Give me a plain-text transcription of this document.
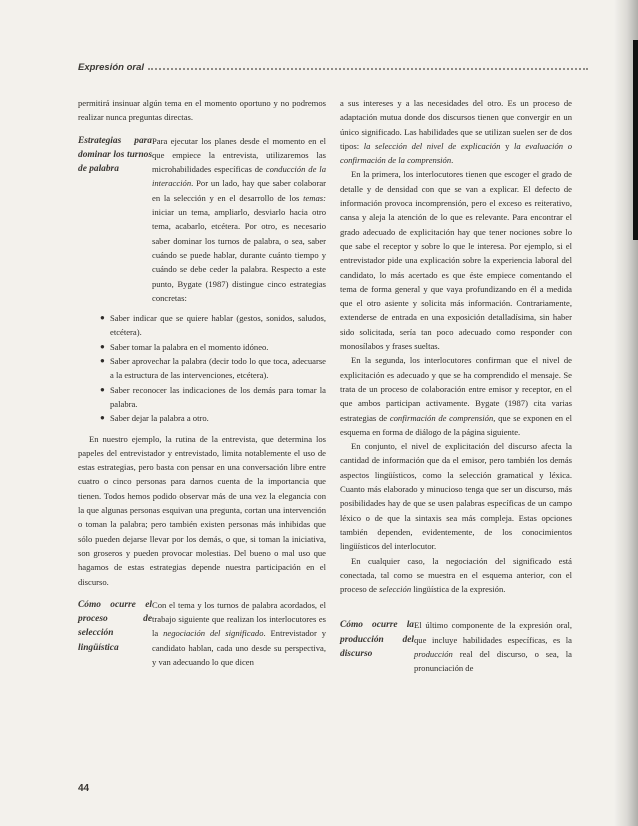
Expresión oral

permitirá insinuar algún tema en el momento oportuno y no podremos realizar nunca preguntas directas.

Estrategias para dominar los turnos de palabra
Para ejecutar los planes desde el momento en el que empiece la entrevista, utilizaremos las microhabilidades específicas de conducción de la interacción. Por un lado, hay que saber colaborar en la selección y en el desarrollo de los temas: iniciar un tema, ampliarlo, desviarlo hacia otro tema, acabarlo, etcétera. Por otro, es necesario saber dominar los turnos de palabra, o sea, saber cuándo se puede hablar, durante cuánto tiempo y cuándo se debe ceder la palabra. Respecto a este punto, Bygate (1987) distingue cinco estrategias concretas:
● Saber indicar que se quiere hablar (gestos, sonidos, saludos, etcétera).
● Saber tomar la palabra en el momento idóneo.
● Saber aprovechar la palabra (decir todo lo que toca, adecuarse a la estructura de las intervenciones, etcétera).
● Saber reconocer las indicaciones de los demás para tomar la palabra.
● Saber dejar la palabra a otro.

En nuestro ejemplo, la rutina de la entrevista, que determina los papeles del entrevistador y entrevistado, limita notablemente el uso de estas estrategias, pero basta con pensar en una conversación libre entre cuatro o cinco personas para darnos cuenta de la importancia que tienen. Todos hemos podido observar más de una vez la elegancia con la que algunas personas esquivan una pregunta, cortan una intervención o toman la palabra; pero también existen personas más inhibidas que sólo pueden dejarse llevar por los demás, o que, si toman la iniciativa, son groseros y pueden provocar molestias. Del bueno o mal uso que hagamos de estas estrategias depende nuestra participación en el discurso.

Cómo ocurre el proceso de selección lingüística
Con el tema y los turnos de palabra acordados, el trabajo siguiente que realizan los interlocutores es la negociación del significado. Entrevistador y candidato hablan, cada uno desde su perspectiva, y van adecuando lo que dicen

a sus intereses y a las necesidades del otro. Es un proceso de adaptación mutua donde dos discursos tienen que convergir en un único significado. Las habilidades que se utilizan suelen ser de dos tipos: la selección del nivel de explicación y la evaluación o confirmación de la comprensión.

En la primera, los interlocutores tienen que escoger el grado de detalle y de densidad con que se van a explicar. El defecto de información provoca incomprensión, pero el exceso es reiterativo, cansa y aleja la atención de lo que es relevante. Para encontrar el grado adecuado de explicitación hay que tener nociones sobre lo que sabe el receptor y sobre lo que le interesa. Por ejemplo, si el entrevistador pide una explicación sobre la experiencia laboral del candidato, lo más acertado es que éste empiece comentando el tema de forma general y que vaya profundizando en él a medida que el otro asiente y solicita más información. Contrariamente, extenderse de entrada en una exposición detalladísima, sin haber sido solicitada, sería tan poco adecuado como responder con monosílabos y frases sueltas.

En la segunda, los interlocutores confirman que el nivel de explicitación es adecuado y que se ha comprendido el mensaje. Se trata de un proceso de colaboración entre emisor y receptor, en el que ambos participan activamente. Bygate (1987) cita varias estrategias de confirmación de comprensión, que se exponen en el esquema en forma de diálogo de la página siguiente.

En conjunto, el nivel de explicitación del discurso afecta la cantidad de información que da el emisor, pero también los demás aspectos lingüísticos, como la selección gramatical y léxica. Cuanto más elaborado y minucioso tenga que ser un discurso, más posibilidades hay de que se usen palabras específicas de un campo léxico o de que la sintaxis sea más compleja. Estas opciones también dependen, evidentemente, de los conocimientos lingüísticos del interlocutor.

En cualquier caso, la negociación del significado está conectada, tal como se muestra en el esquema anterior, con el proceso de selección lingüística de la expresión.

Cómo ocurre la producción del discurso
El último componente de la expresión oral, que incluye habilidades específicas, es la producción real del discurso, o sea, la pronunciación de
44
